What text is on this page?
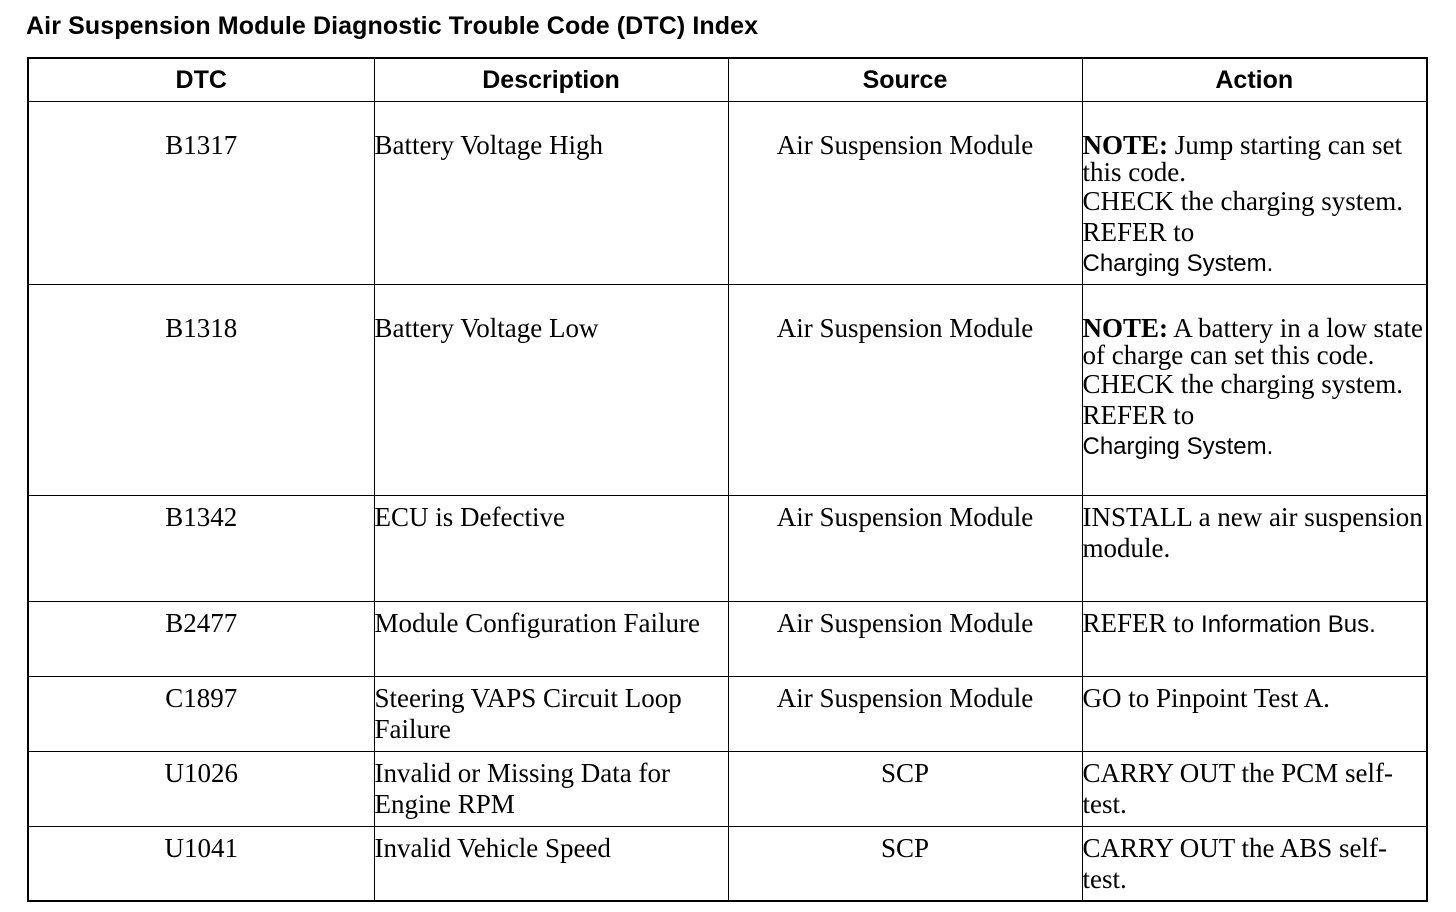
Air Suspension Module Diagnostic Trouble Code (DTC) Index
DTC	Description	Source	Action
B1317	Battery Voltage High	Air Suspension Module	NOTE: Jump starting can set this code.
CHECK the charging system. REFER to
Charging System.

B1318	Battery Voltage Low	Air Suspension Module	NOTE: A battery in a low state of charge can set this code.
CHECK the charging system. REFER to
Charging System.

B1342	ECU is Defective	Air Suspension Module	INSTALL a new air suspension module.
B2477	Module Configuration Failure	Air Suspension Module	REFER to Information Bus.
C1897	Steering VAPS Circuit Loop Failure	Air Suspension Module	GO to Pinpoint Test A.
U1026	Invalid or Missing Data for Engine RPM	SCP	CARRY OUT the PCM self-test.
U1041	Invalid Vehicle Speed	SCP	CARRY OUT the ABS self-test.
